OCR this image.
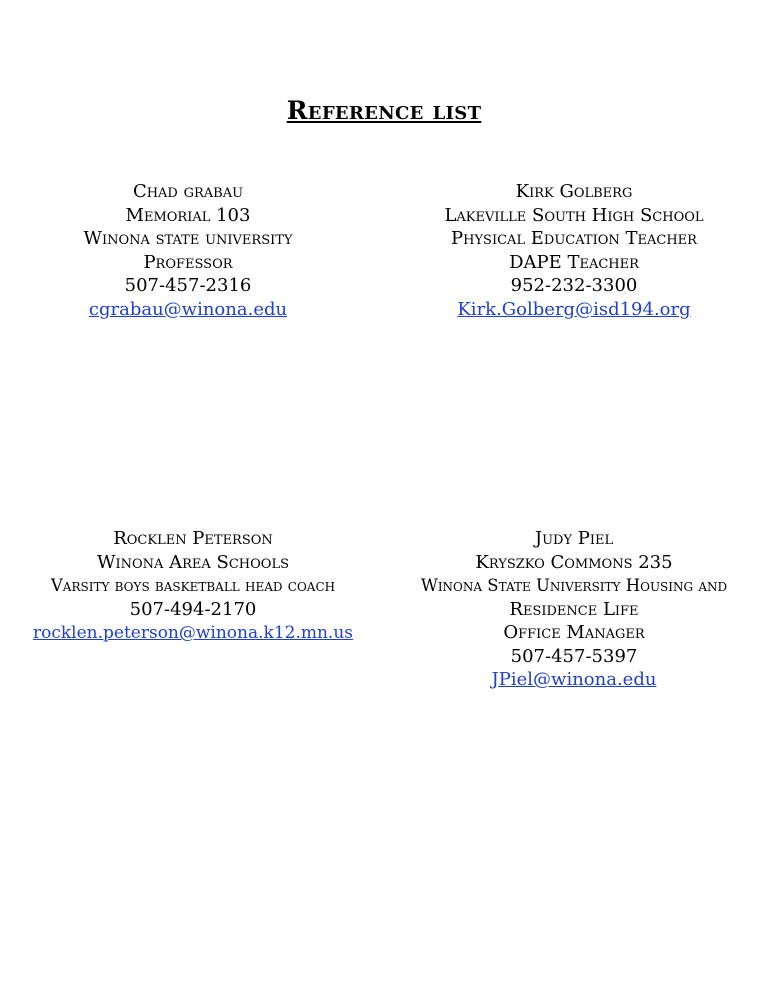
Reference list
Chad grabau
Memorial 103
Winona state university
Professor
507-457-2316
cgrabau@winona.edu
Kirk Golberg
Lakeville South High School
Physical Education Teacher
DAPE Teacher
952-232-3300
Kirk.Golberg@isd194.org
Rocklen Peterson
Winona Area Schools
Varsity boys basketball head coach
507-494-2170
rocklen.peterson@winona.k12.mn.us
Judy Piel
Kryszko Commons 235
Winona State University Housing and
Residence Life
Office Manager
507-457-5397
JPiel@winona.edu
